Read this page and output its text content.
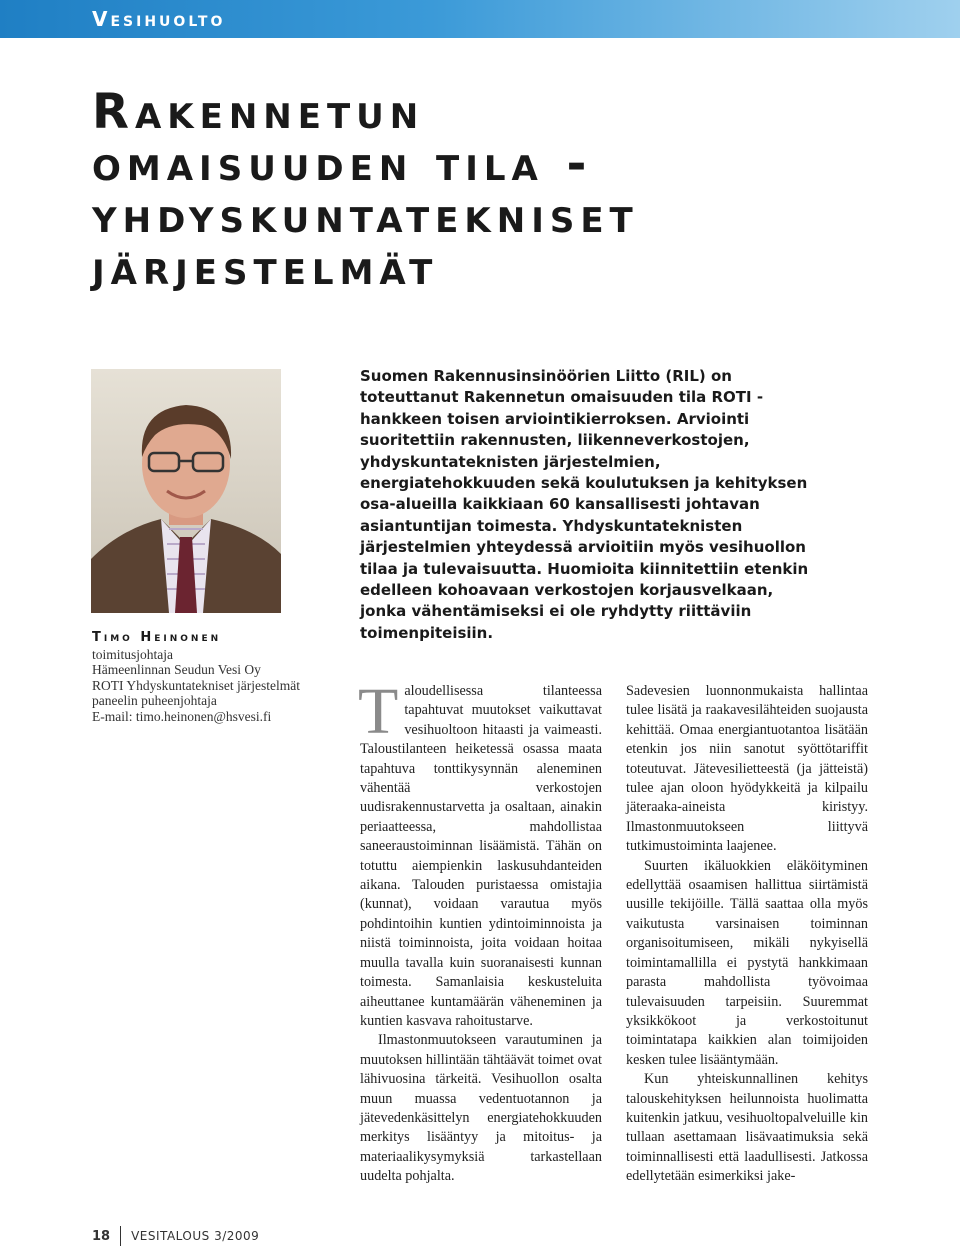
Vesihuolto
Rakennetun
omaisuuden tila -
yhdyskuntatekniset
järjestelmät
Suomen Rakennusinsinöörien Liitto (RIL) on toteuttanut Rakennetun omaisuuden tila ROTI -hankkeen toisen arviointikierroksen. Arviointi suoritettiin rakennusten, liikenneverkostojen, yhdyskuntateknisten järjestelmien, energiatehokkuuden sekä koulutuksen ja kehityksen osa-alueilla kaikkiaan 60 kansallisesti johtavan asiantuntijan toimesta. Yhdyskuntateknisten järjestelmien yhteydessä arvioitiin myös vesihuollon tilaa ja tulevaisuutta. Huomioita kiinnitettiin etenkin edelleen kohoavaan verkostojen korjausvelkaan, jonka vähentämiseksi ei ole ryhdytty riittäviin toimenpiteisiin.
Timo Heinonen
toimitusjohtaja
Hämeenlinnan Seudun Vesi Oy
ROTI Yhdyskuntatekniset järjestelmät
paneelin puheenjohtaja
E-mail: timo.heinonen@hsvesi.fi	Taloudellisessa tilanteessa tapahtuvat muutokset vaikuttavat vesihuoltoon hitaasti ja vaimeasti. Taloustilanteen heiketessä osassa maata tapahtuva tonttikysynnän aleneminen vähentää verkostojen uudisrakennustarvetta ja osaltaan, ainakin periaatteessa, mahdollistaa saneeraustoiminnan lisäämistä. Tähän on totuttu aiempienkin laskusuhdanteiden aikana. Talouden puristaessa omistajia (kunnat), voidaan varautua myös pohdintoihin kuntien ydintoiminnoista ja niistä toiminnoista, joita voidaan hoitaa muulla tavalla kuin suoranaisesti kunnan toimesta. Samanlaisia keskusteluita aiheuttanee kuntamäärän väheneminen ja kuntien kasvava rahoitustarve.

Ilmastonmuutokseen varautuminen ja muutoksen hillintään tähtäävät toimet ovat lähivuosina tärkeitä. Vesihuollon osalta muun muassa vedentuotannon ja jätevedenkäsittelyn energiatehokkuuden merkitys lisääntyy ja mitoitus- ja materiaalikysymyksiä tarkastellaan uudelta pohjalta.

Sadevesien luonnonmukaista hallintaa tulee lisätä ja raakavesilähteiden suojausta kehittää. Omaa energiantuotantoa lisätään etenkin jos niin sanotut syöttötariffit toteutuvat. Jätevesilietteestä (ja jätteistä) tulee ajan oloon hyödykkeitä ja kilpailu jäteraaka-aineista kiristyy. Ilmastonmuutokseen liittyvä tutkimustoiminta laajenee.

Suurten ikäluokkien eläköityminen edellyttää osaamisen hallittua siirtämistä uusille tekijöille. Tällä saattaa olla myös vaikutusta varsinaisen toiminnan organisoitumiseen, mikäli nykyisellä toimintamallilla ei pystytä hankkimaan parasta mahdollista työvoimaa tulevaisuuden tarpeisiin. Suuremmat yksikkökoot ja verkostoitunut toimintatapa kaikkien alan toimijoiden kesken tulee lisääntymään.

Kun yhteiskunnallinen kehitys talouskehityksen heilunnoista huolimatta kuitenkin jatkuu, vesihuoltopalveluille kin tullaan asettamaan lisävaatimuksia sekä toiminnallisesti että laadullisesti. Jatkossa edellytetään esimerkiksi jake-

18 VESITALOUS 3/2009
